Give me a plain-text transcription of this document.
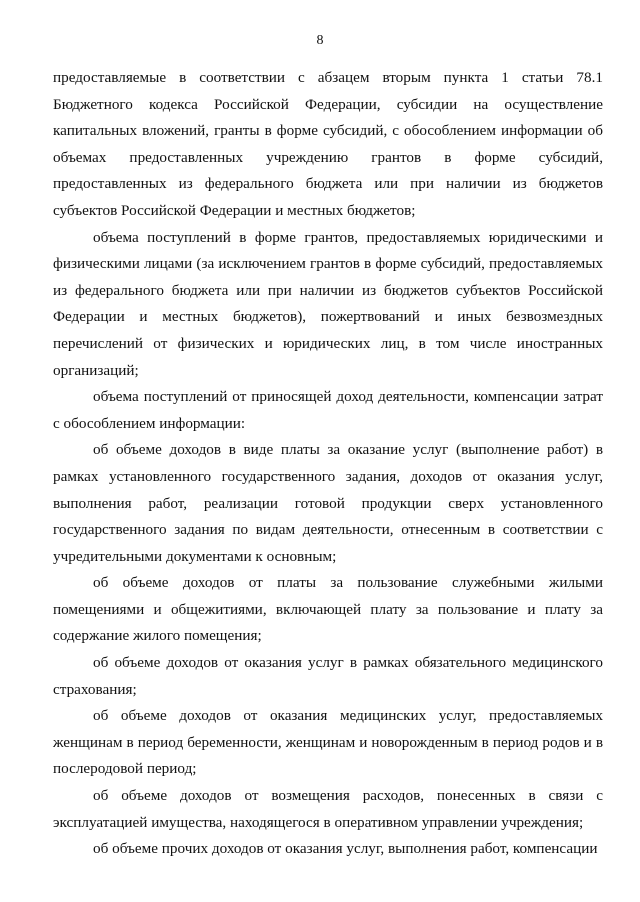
8

предоставляемые в соответствии с абзацем вторым пункта 1 статьи 78.1 Бюджетного кодекса Российской Федерации, субсидии на осуществление капитальных вложений, гранты в форме субсидий, с обособлением информации об объемах предоставленных учреждению грантов в форме субсидий, предоставленных из федерального бюджета или при наличии из бюджетов субъектов Российской Федерации и местных бюджетов;

объема поступлений в форме грантов, предоставляемых юридическими и физическими лицами (за исключением грантов в форме субсидий, предоставляемых из федерального бюджета или при наличии из бюджетов субъектов Российской Федерации и местных бюджетов), пожертвований и иных безвозмездных перечислений от физических и юридических лиц, в том числе иностранных организаций;

объема поступлений от приносящей доход деятельности, компенсации затрат с обособлением информации:

об объеме доходов в виде платы за оказание услуг (выполнение работ) в рамках установленного государственного задания, доходов от оказания услуг, выполнения работ, реализации готовой продукции сверх установленного государственного задания по видам деятельности, отнесенным в соответствии с учредительными документами к основным;

об объеме доходов от платы за пользование служебными жилыми помещениями и общежитиями, включающей плату за пользование и плату за содержание жилого помещения;

об объеме доходов от оказания услуг в рамках обязательного медицинского страхования;

об объеме доходов от оказания медицинских услуг, предоставляемых женщинам в период беременности, женщинам и новорожденным в период родов и в послеродовой период;

об объеме доходов от возмещения расходов, понесенных в связи с эксплуатацией имущества, находящегося в оперативном управлении учреждения;

об объеме прочих доходов от оказания услуг, выполнения работ, компенсации
